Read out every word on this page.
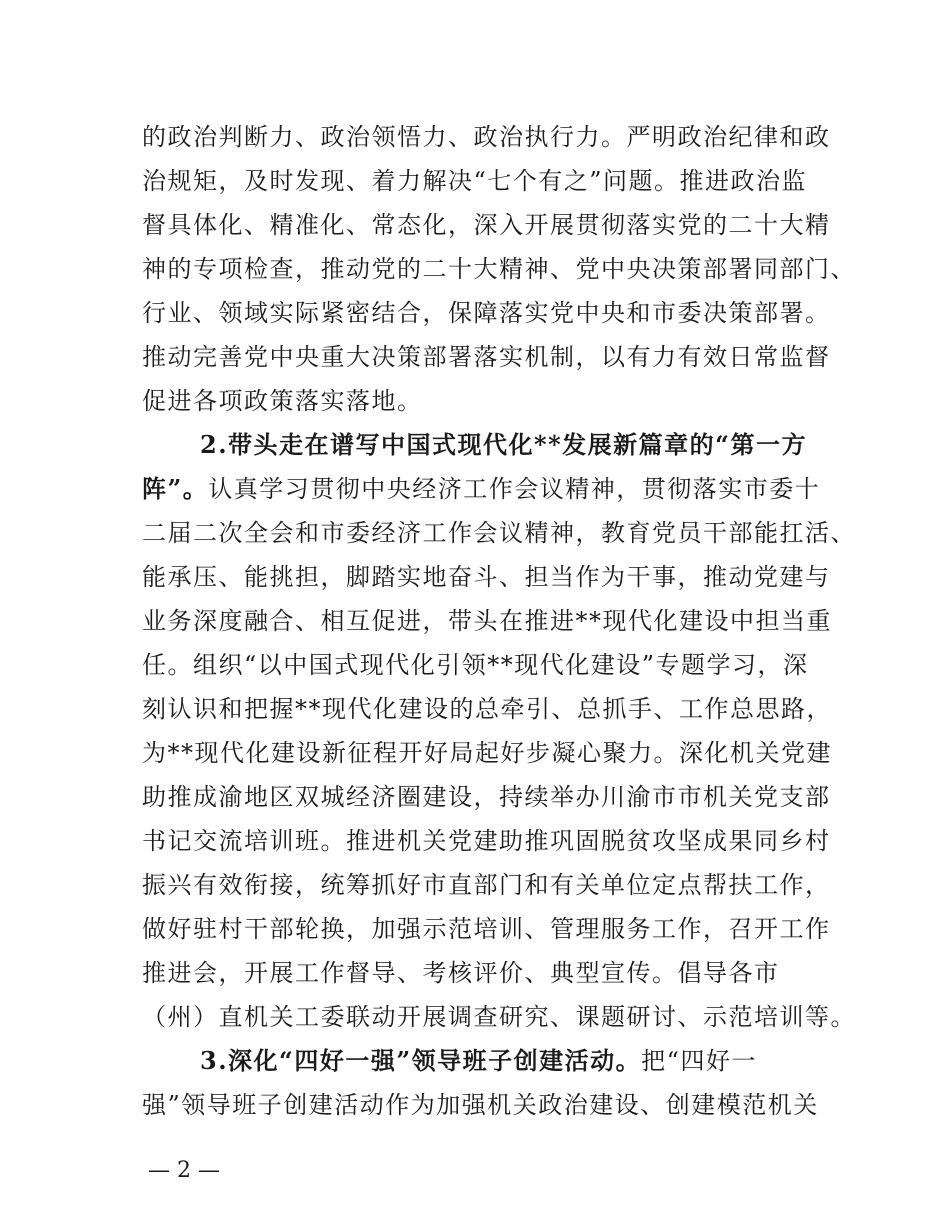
的政治判断力、政治领悟力、政治执行力。严明政治纪律和政
治规矩，及时发现、着力解决“七个有之”问题。推进政治监
督具体化、精准化、常态化，深入开展贯彻落实党的二十大精
神的专项检查，推动党的二十大精神、党中央决策部署同部门、
行业、领域实际紧密结合，保障落实党中央和市委决策部署。
推动完善党中央重大决策部署落实机制，以有力有效日常监督
促进各项政策落实落地。
2.带头走在谱写中国式现代化**发展新篇章的“第一方
阵”。认真学习贯彻中央经济工作会议精神，贯彻落实市委十
二届二次全会和市委经济工作会议精神，教育党员干部能扛活、
能承压、能挑担，脚踏实地奋斗、担当作为干事，推动党建与
业务深度融合、相互促进，带头在推进**现代化建设中担当重
任。组织“以中国式现代化引领**现代化建设”专题学习，深
刻认识和把握**现代化建设的总牵引、总抓手、工作总思路，
为**现代化建设新征程开好局起好步凝心聚力。深化机关党建
助推成渝地区双城经济圈建设，持续举办川渝市市机关党支部
书记交流培训班。推进机关党建助推巩固脱贫攻坚成果同乡村
振兴有效衔接，统筹抓好市直部门和有关单位定点帮扶工作，
做好驻村干部轮换，加强示范培训、管理服务工作，召开工作
推进会，开展工作督导、考核评价、典型宣传。倡导各市
（州）直机关工委联动开展调查研究、课题研讨、示范培训等。
3.深化“四好一强”领导班子创建活动。把“四好一
强”领导班子创建活动作为加强机关政治建设、创建模范机关
— 2 —
